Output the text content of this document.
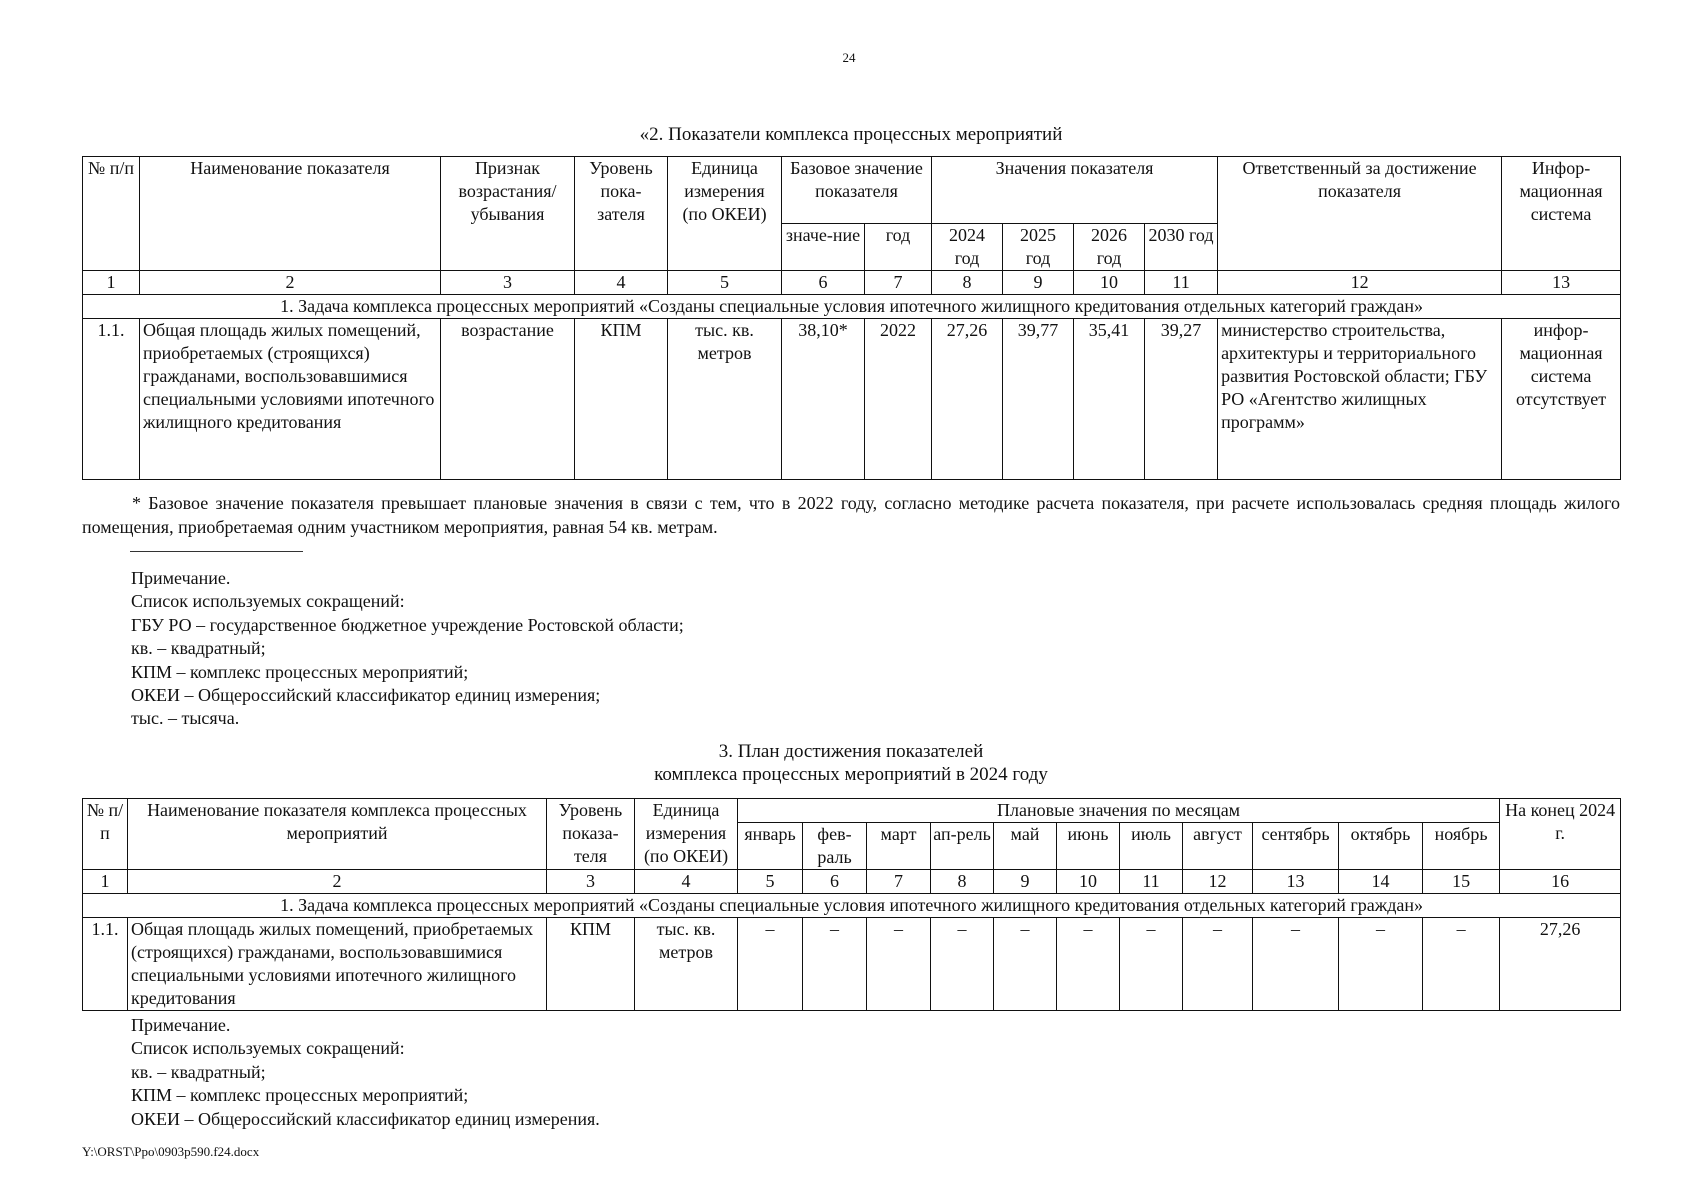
24
«2. Показатели комплекса процессных мероприятий
№ п/п	Наименование показателя	Признак возрастания/ убывания	Уровень пока-зателя	Единица измерения (по ОКЕИ)	Базовое значение показателя		Значения показателя				Ответственный за достижение показателя	Инфор-мационная система
					значе-ние	год	2024 год	2025 год	2026 год	2030 год		
1	2	3	4	5	6	7	8	9	10	11	12	13
1. Задача комплекса процессных мероприятий «Созданы специальные условия ипотечного жилищного кредитования отдельных категорий граждан»												
1.1.	Общая площадь жилых помещений, приобретаемых (строящихся) гражданами, воспользовавшимися специальными условиями ипотечного жилищного кредитования	возрастание	КПМ	тыс. кв. метров	38,10*	2022	27,26	39,77	35,41	39,27	министерство строительства, архитектуры и территориального развития Ростовской области; ГБУ РО «Агентство жилищных программ»	инфор-мационная система отсутствует
* Базовое значение показателя превышает плановые значения в связи с тем, что в 2022 году, согласно методике расчета показателя, при расчете использовалась средняя площадь жилого помещения, приобретаемая одним участником мероприятия, равная 54 кв. метрам.
Примечание.
Список используемых сокращений:
ГБУ РО – государственное бюджетное учреждение Ростовской области;
кв. – квадратный;
КПМ – комплекс процессных мероприятий;
ОКЕИ – Общероссийский классификатор единиц измерения;
тыс. – тысяча.
3. План достижения показателей
комплекса процессных мероприятий в 2024 году
№ п/п	Наименование показателя комплекса процессных мероприятий	Уровень показа-теля	Единица измерения (по ОКЕИ)	Плановые значения по месяцам											На конец 2024 г.
				январь	фев-раль	март	ап-рель	май	июнь	июль	август	сентябрь	октябрь	ноябрь	
1	2	3	4	5	6	7	8	9	10	11	12	13	14	15	16
1. Задача комплекса процессных мероприятий «Созданы специальные условия ипотечного жилищного кредитования отдельных категорий граждан»															
1.1.	Общая площадь жилых помещений, приобретаемых (строящихся) гражданами, воспользовавшимися специальными условиями ипотечного жилищного кредитования	КПМ	тыс. кв. метров	–	–	–	–	–	–	–	–	–	–	–	27,26
Примечание.
Список используемых сокращений:
кв. – квадратный;
КПМ – комплекс процессных мероприятий;
ОКЕИ – Общероссийский классификатор единиц измерения.
Y:\ORST\Ppo\0903p590.f24.docx
